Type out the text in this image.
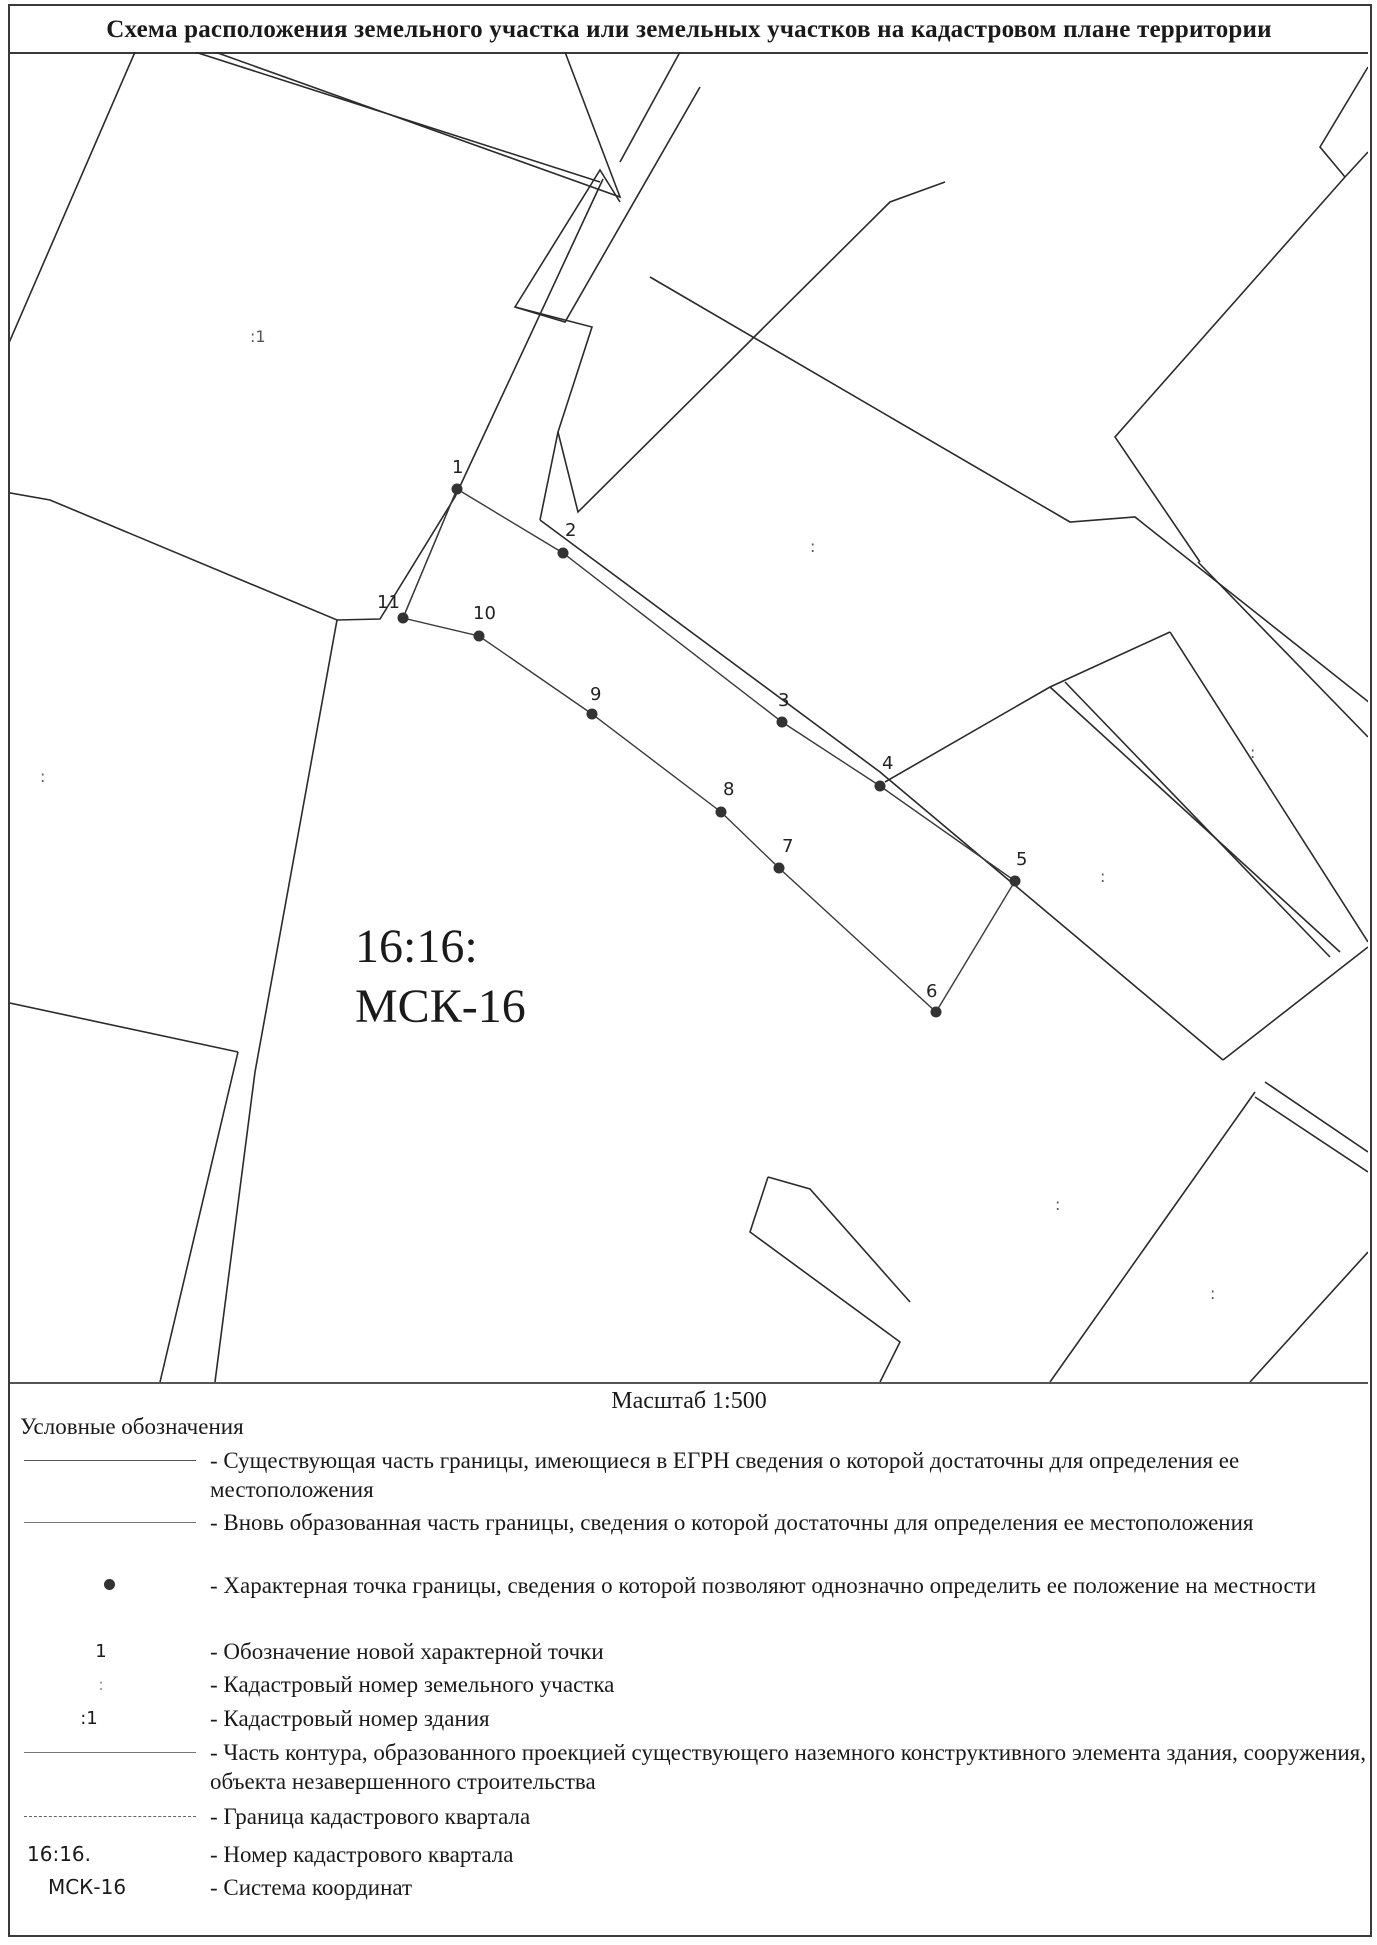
Схема расположения земельного участка или земельных участков на кадастровом плане территории
1
2
3
4
5
6
7
8
9
10
11
:1
:
:
:
:
:
:
16:16:
МСК-16
Масштаб 1:500
Условные обозначения
- Существующая часть границы, имеющиеся в ЕГРН сведения о которой достаточны для определения ее местоположения
- Вновь образованная часть границы, сведения о которой достаточны для определения ее местоположения
- Характерная точка границы, сведения о которой позволяют однозначно определить ее положение на местности
1	- Обозначение новой характерной точки
:	- Кадастровый номер земельного участка
:1	- Кадастровый номер здания
- Часть контура, образованного проекцией существующего наземного конструктивного элемента здания, сооружения, объекта незавершенного строительства
- Граница кадастрового квартала
16:16.	- Номер кадастрового квартала
МСК-16	- Система координат
